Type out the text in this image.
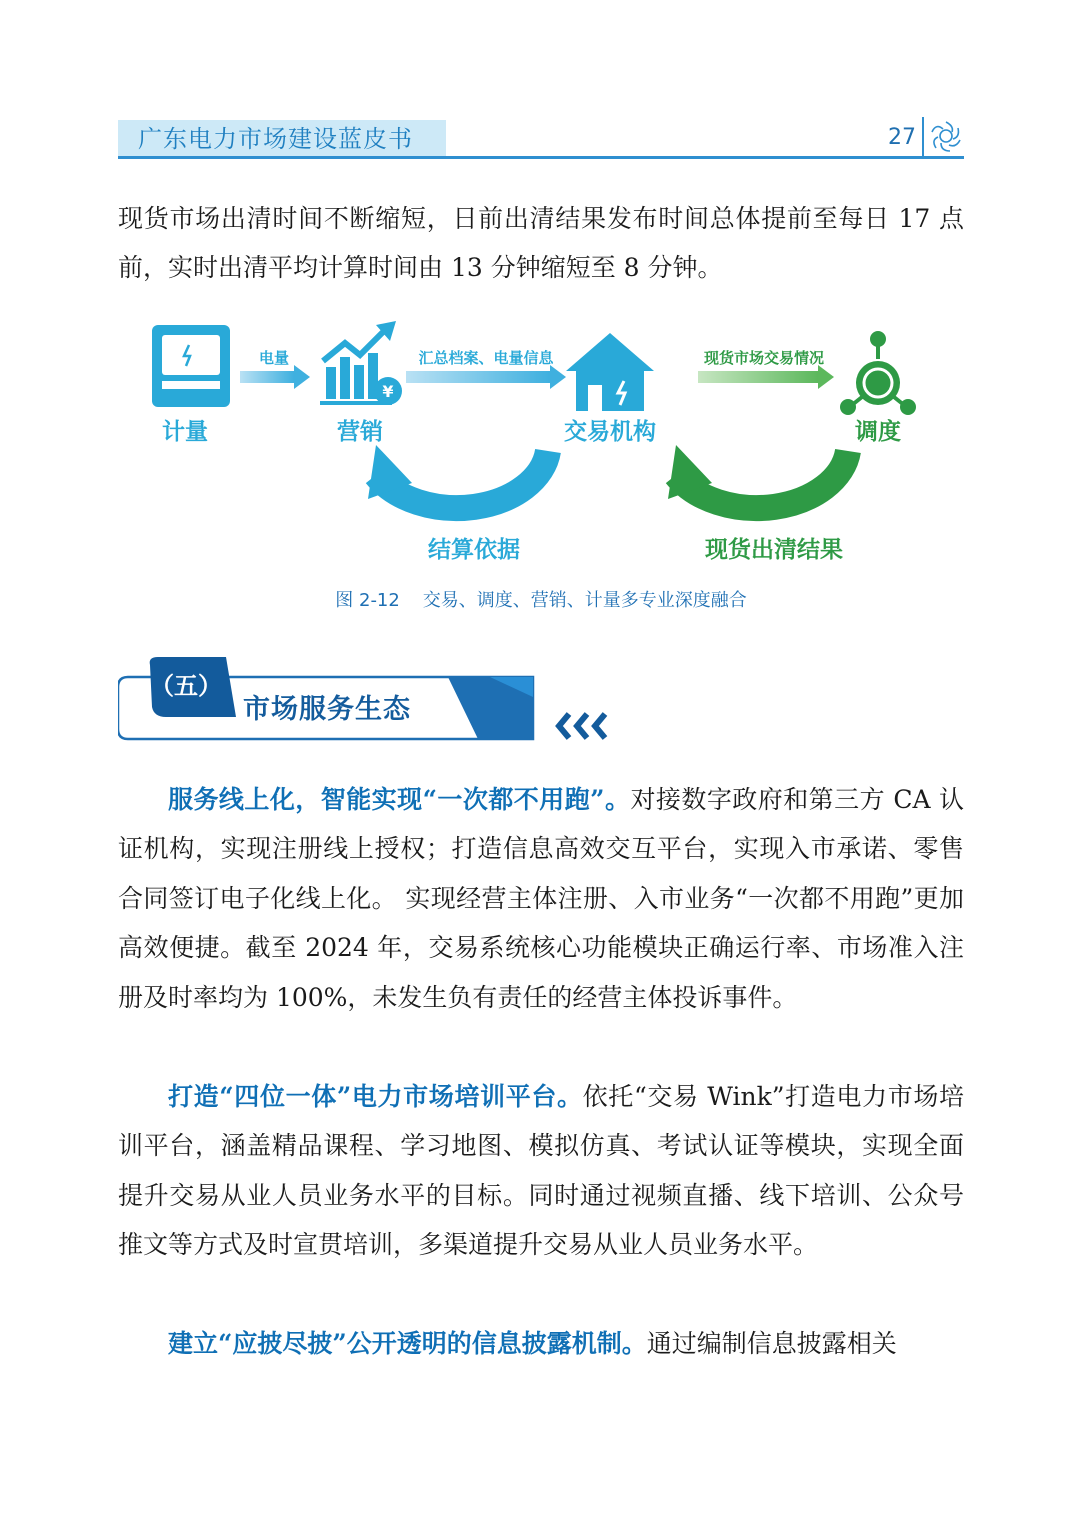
广东电力市场建设蓝皮书	27
现货市场出清时间不断缩短，日前出清结果发布时间总体提前至每日 17 点前，实时出清平均计算时间由 13 分钟缩短至 8 分钟。
¥
电量	汇总档案、电量信息	现货市场交易情况
计量	营销	交易机构	调度
结算依据	现货出清结果
图 2-12    交易、调度、营销、计量多专业深度融合
（五）
市场服务生态
服务线上化，智能实现“一次都不用跑”。对接数字政府和第三方 CA 认证机构，实现注册线上授权；打造信息高效交互平台，实现入市承诺、零售合同签订电子化线上化。 实现经营主体注册、入市业务“一次都不用跑”更加高效便捷。截至 2024 年，交易系统核心功能模块正确运行率、市场准入注册及时率均为 100%，未发生负有责任的经营主体投诉事件。
打造“四位一体”电力市场培训平台。依托“交易 Wink”打造电力市场培训平台，涵盖精品课程、学习地图、模拟仿真、考试认证等模块，实现全面提升交易从业人员业务水平的目标。同时通过视频直播、线下培训、公众号推文等方式及时宣贯培训，多渠道提升交易从业人员业务水平。
建立“应披尽披”公开透明的信息披露机制。通过编制信息披露相关
